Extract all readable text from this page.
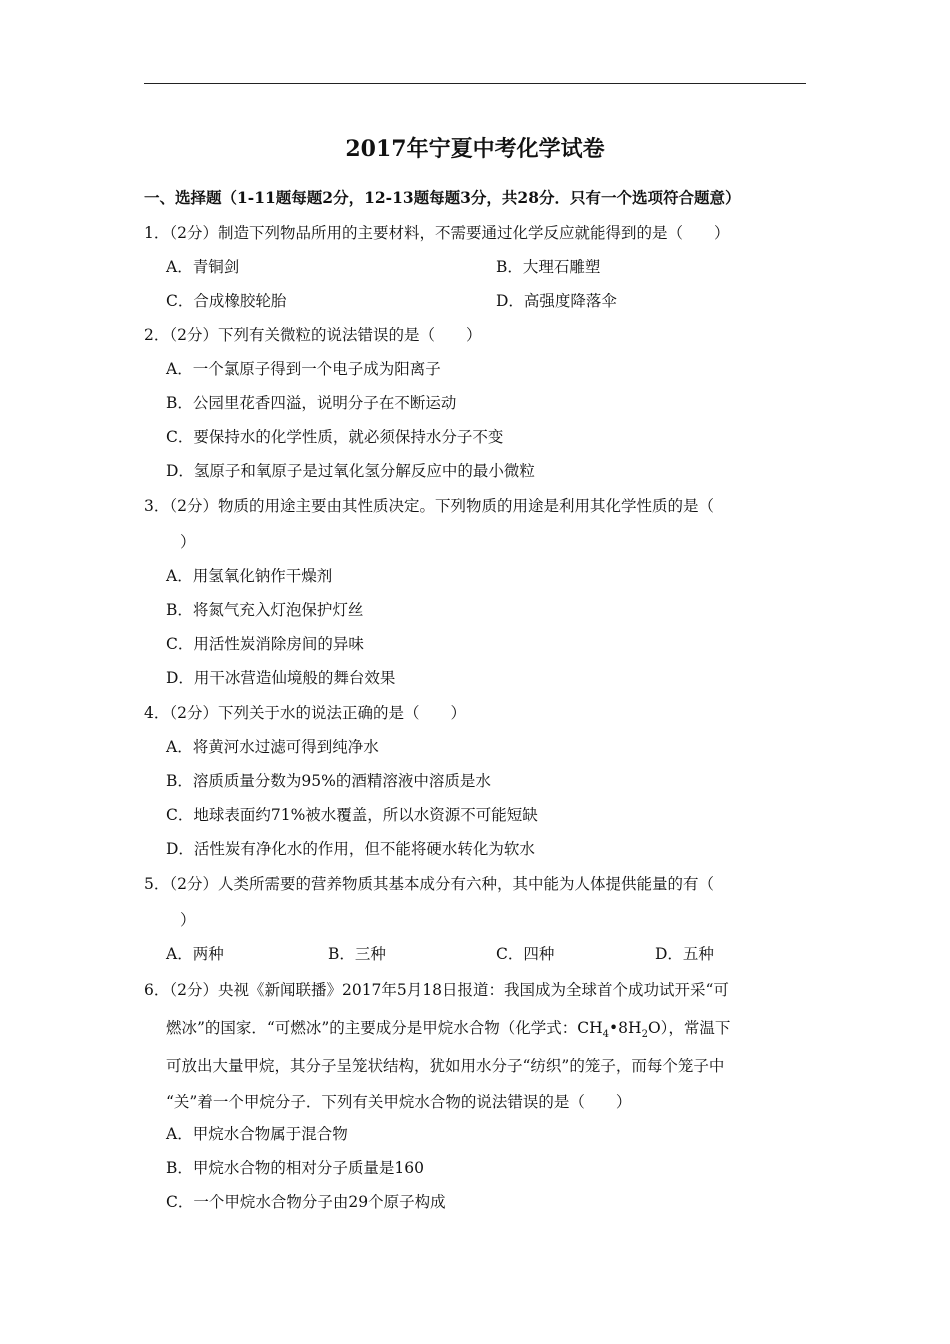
2017年宁夏中考化学试卷
一、选择题（1-11题每题2分，12-13题每题3分，共28分．只有一个选项符合题意）
1．（2分）制造下列物品所用的主要材料，不需要通过化学反应就能得到的是（　　）
A．青铜剑	B．大理石雕塑
C．合成橡胶轮胎	D．高强度降落伞
2．（2分）下列有关微粒的说法错误的是（　　）
A．一个氯原子得到一个电子成为阳离子
B．公园里花香四溢，说明分子在不断运动
C．要保持水的化学性质，就必须保持水分子不变
D．氢原子和氧原子是过氧化氢分解反应中的最小微粒
3．（2分）物质的用途主要由其性质决定。下列物质的用途是利用其化学性质的是（
）
A．用氢氧化钠作干燥剂
B．将氮气充入灯泡保护灯丝
C．用活性炭消除房间的异味
D．用干冰营造仙境般的舞台效果
4．（2分）下列关于水的说法正确的是（　　）
A．将黄河水过滤可得到纯净水
B．溶质质量分数为95%的酒精溶液中溶质是水
C．地球表面约71%被水覆盖，所以水资源不可能短缺
D．活性炭有净化水的作用，但不能将硬水转化为软水
5．（2分）人类所需要的营养物质其基本成分有六种，其中能为人体提供能量的有（
）
A．两种	B．三种	C．四种	D．五种
6．（2分）央视《新闻联播》2017年5月18日报道：我国成为全球首个成功试开采“可
燃冰”的国家．“可燃冰”的主要成分是甲烷水合物（化学式：$CH_4•8H_2O$），常温下
可放出大量甲烷，其分子呈笼状结构，犹如用水分子“纺织”的笼子，而每个笼子中
“关”着一个甲烷分子．下列有关甲烷水合物的说法错误的是（　　）
A．甲烷水合物属于混合物
B．甲烷水合物的相对分子质量是160
C．一个甲烷水合物分子由29个原子构成
